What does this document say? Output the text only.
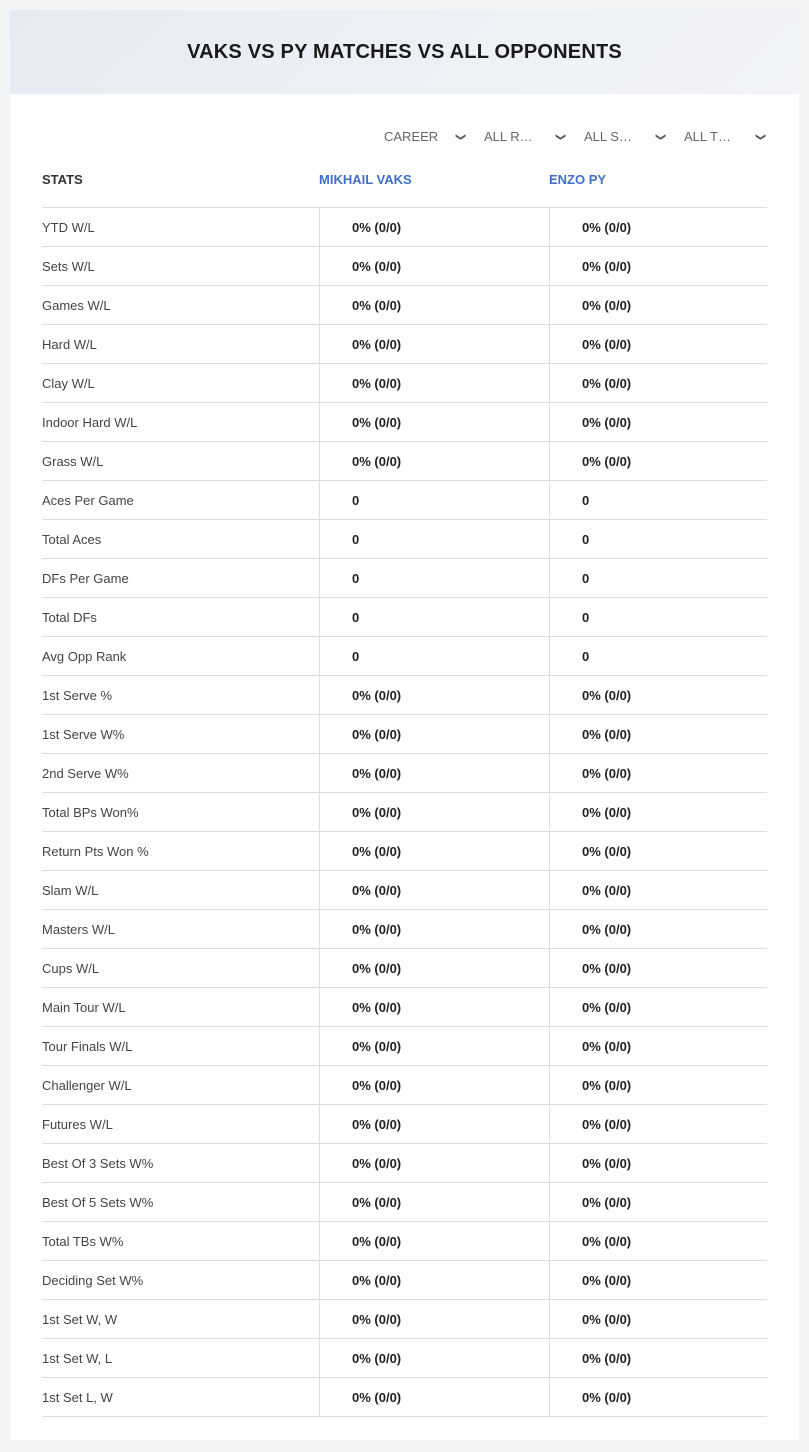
VAKS VS PY MATCHES VS ALL OPPONENTS
CAREER	❯	ALL R…	❯	ALL S…	❯	ALL T…	❯
STATS	MIKHAIL VAKS	ENZO PY
YTD W/L	0% (0/0)	0% (0/0)
Sets W/L	0% (0/0)	0% (0/0)
Games W/L	0% (0/0)	0% (0/0)
Hard W/L	0% (0/0)	0% (0/0)
Clay W/L	0% (0/0)	0% (0/0)
Indoor Hard W/L	0% (0/0)	0% (0/0)
Grass W/L	0% (0/0)	0% (0/0)
Aces Per Game	0	0
Total Aces	0	0
DFs Per Game	0	0
Total DFs	0	0
Avg Opp Rank	0	0
1st Serve %	0% (0/0)	0% (0/0)
1st Serve W%	0% (0/0)	0% (0/0)
2nd Serve W%	0% (0/0)	0% (0/0)
Total BPs Won%	0% (0/0)	0% (0/0)
Return Pts Won %	0% (0/0)	0% (0/0)
Slam W/L	0% (0/0)	0% (0/0)
Masters W/L	0% (0/0)	0% (0/0)
Cups W/L	0% (0/0)	0% (0/0)
Main Tour W/L	0% (0/0)	0% (0/0)
Tour Finals W/L	0% (0/0)	0% (0/0)
Challenger W/L	0% (0/0)	0% (0/0)
Futures W/L	0% (0/0)	0% (0/0)
Best Of 3 Sets W%	0% (0/0)	0% (0/0)
Best Of 5 Sets W%	0% (0/0)	0% (0/0)
Total TBs W%	0% (0/0)	0% (0/0)
Deciding Set W%	0% (0/0)	0% (0/0)
1st Set W, W	0% (0/0)	0% (0/0)
1st Set W, L	0% (0/0)	0% (0/0)
1st Set L, W	0% (0/0)	0% (0/0)
